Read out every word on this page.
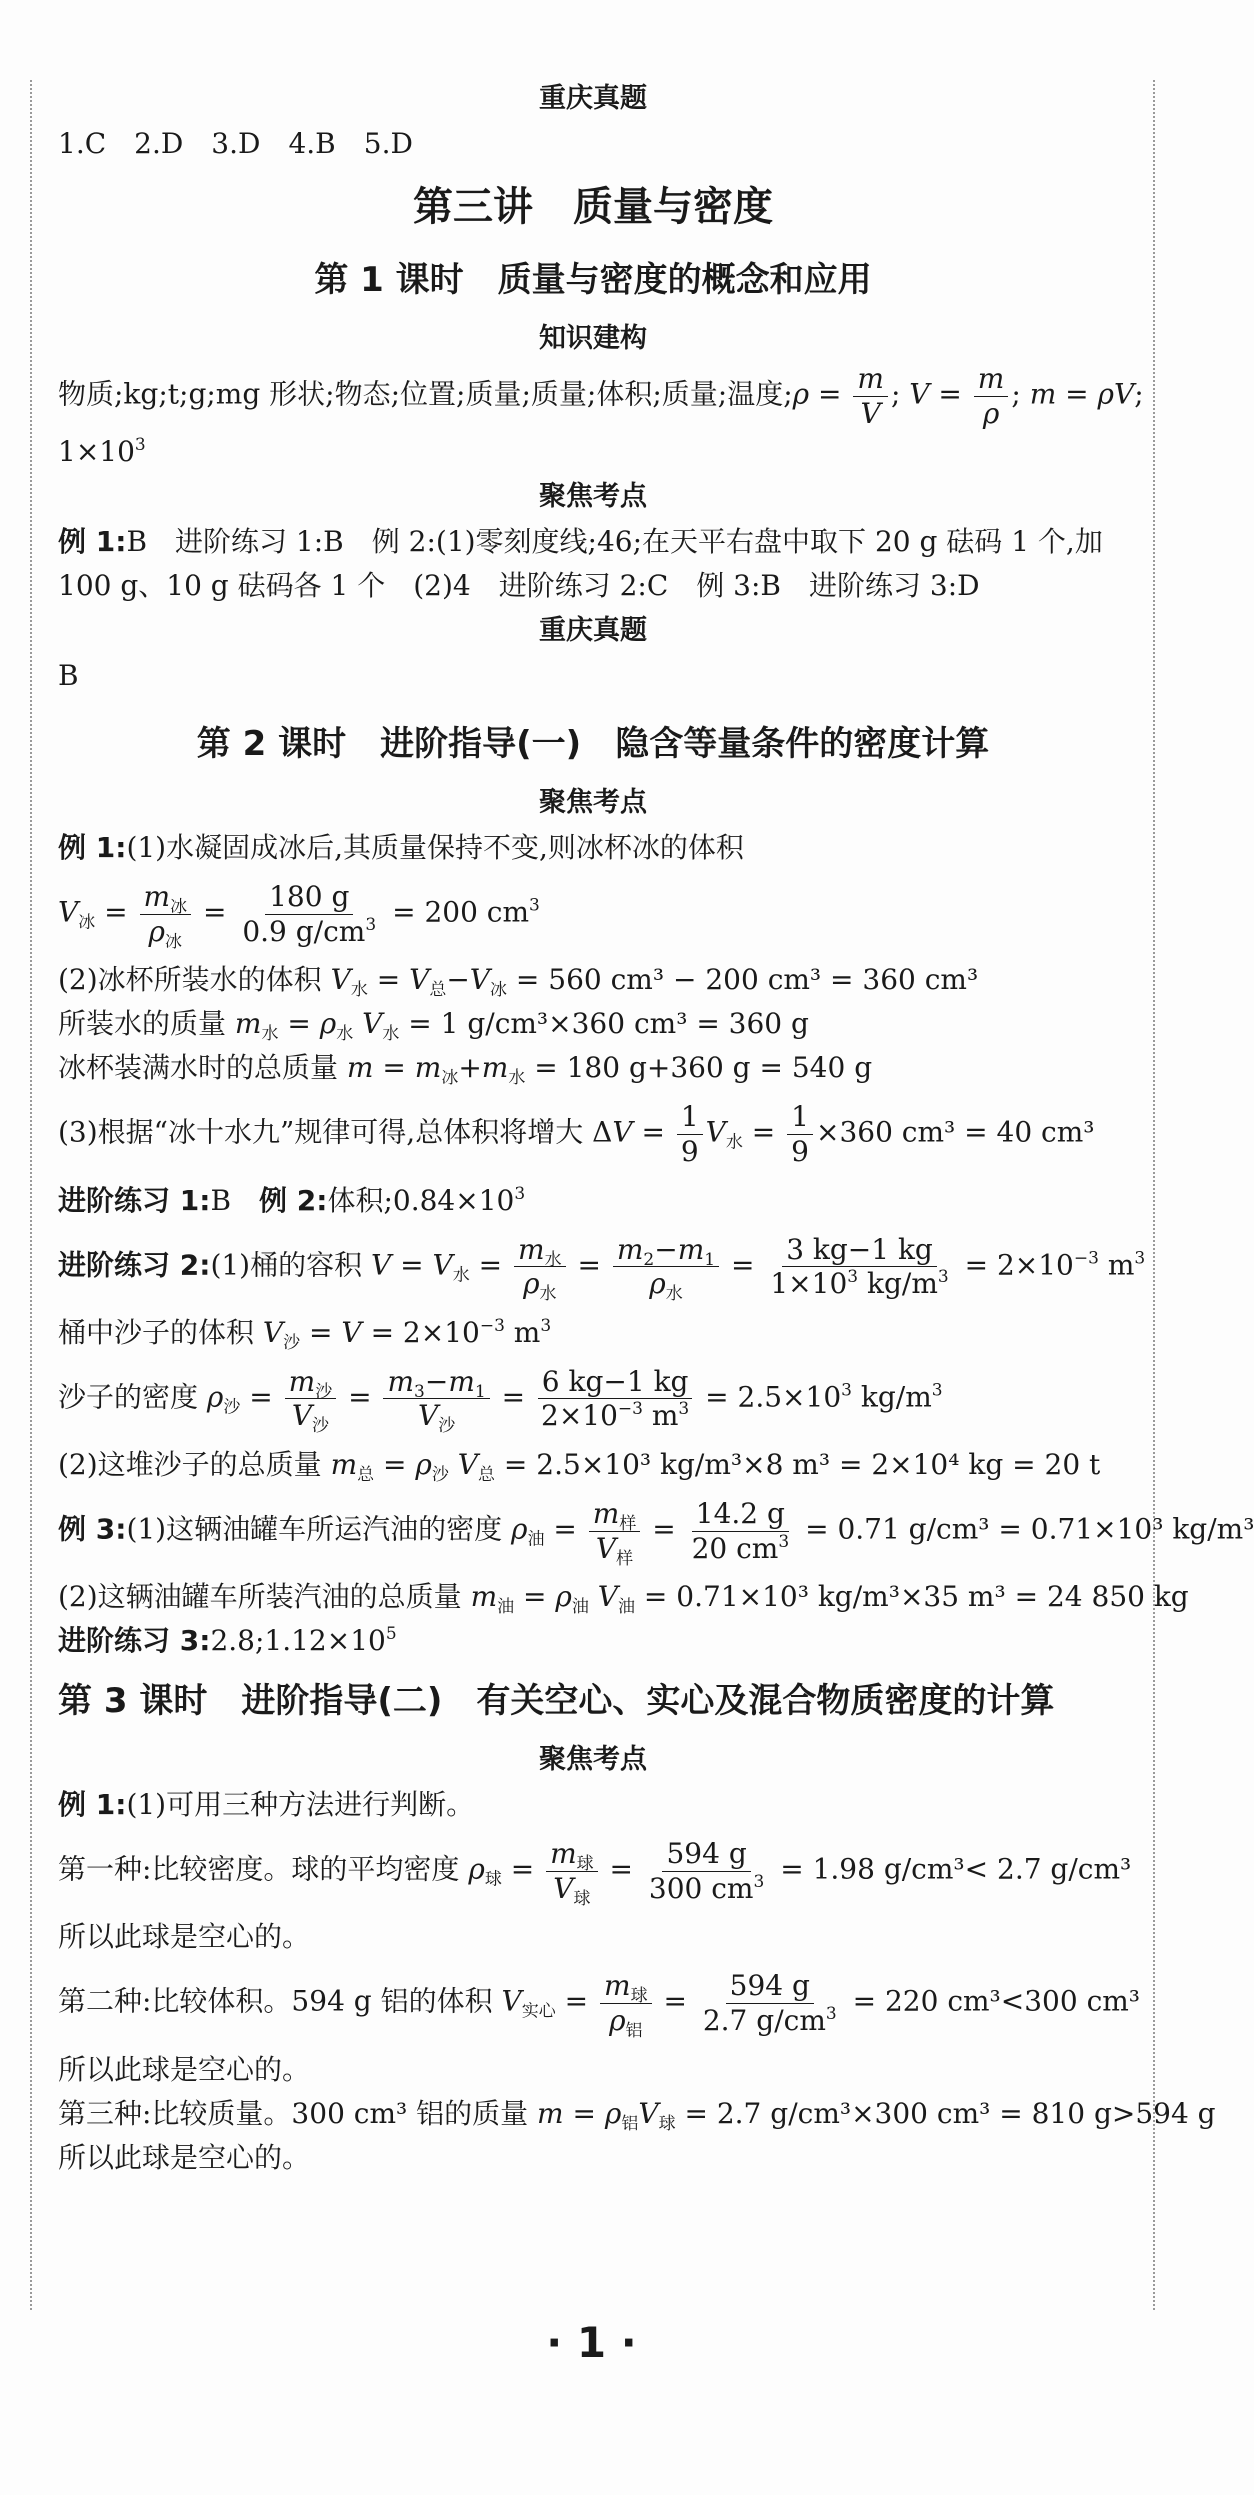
重庆真题
1.C　2.D　3.D　4.B　5.D
第三讲　质量与密度
第 1 课时　质量与密度的概念和应用
知识建构
物质;kg;t;g;mg 形状;物态;位置;质量;质量;体积;质量;温度;ρ = $\frac{m}{V}$ ; $V = \frac{m}{\rho}$ ; m = ρV;
$1\times 10^3$
聚焦考点
例 1:B　进阶练习 1:B　例 2:(1)零刻度线;46;在天平右盘中取下 20 g 砝码 1 个,加
100 g、10 g 砝码各 1 个　(2)4　进阶练习 2:C　例 3:B　进阶练习 3:D
重庆真题
B
第 2 课时　进阶指导(一)　隐含等量条件的密度计算
聚焦考点
例 1:(1)水凝固成冰后,其质量保持不变,则冰杯冰的体积
$V_冰 = \frac{m_冰}{\rho_冰} = \frac{180 g}{0.9 g/cm^3} = 200$ $cm^3$
(2)冰杯所装水的体积 $V_水 = V_总-V_冰 = 560$ cm³ − 200 cm³ = 360 cm³
所装水的质量 $m_水 = \rho_水$ $V_水 = 1$ g/cm³×360 cm³ = 360 g
冰杯装满水时的总质量 $m = m_冰+m_水 = 180$ g+360 g = 540 g
(3)根据“冰十水九”规律可得,总体积将增大 $\Delta V = \frac{1}{9} V_水 = \frac{1}{9} \times 360$ cm³ = 40 cm³
进阶练习 1:B　 例 2:体积$;0.84\times 10^3$
进阶练习 2:(1)桶的容积 $V = V_水 = \frac{m_水}{\rho_水} = \frac{m_2-m_1}{\rho_水} = \frac{3 kg-1 kg}{1\times 10^3 kg/m^3} = 2\times 10^{-3}$ $m^3$
桶中沙子的体积 $V_沙 = V = 2\times 10^{-3}$ $m^3$
沙子的密度 $\rho_沙 = \frac{m_沙}{V_沙} = \frac{m_3-m_1}{V_沙} = \frac{6 kg-1 kg}{2\times 10^{-3} m^3} = 2.5\times 10^3$ $kg/m^3$
(2)这堆沙子的总质量 $m_总 = \rho_沙$ $V_总 = 2.5\times 10^3$ kg/m³×8 m³ = 2×10⁴ kg = 20 t
例 3:(1)这辆油罐车所运汽油的密度 $\rho_油 = \frac{m_样}{V_样} = \frac{14.2 g}{20 cm^3} = 0.71$ g/cm³ = 0.71×10³ kg/m³
(2)这辆油罐车所装汽油的总质量 $m_油 = \rho_油$ $V_油 = 0.71\times 10^3$ kg/m³×35 m³ = 24 850 kg
进阶练习 $3:2.8;1.12\times 10^5$
第 3 课时　进阶指导(二)　有关空心、实心及混合物质密度的计算
聚焦考点
例 1:(1)可用三种方法进行判断。
第一种:比较密度。球的平均密度 $\rho_球 = \frac{m_球}{V_球} = \frac{594 g}{300 cm^3} = 1.98$ g/cm³< 2.7 g/cm³
所以此球是空心的。
第二种:比较体积。594 g 铝的体积 $V_{实心} = \frac{m_球}{\rho_铝} = \frac{594 g}{2.7 g/cm^3} = 220$ cm³<300 cm³
所以此球是空心的。
第三种:比较质量。300 cm³ 铝的质量 $m = \rho_铝V_球 = 2.7$ g/cm³×300 cm³ = 810 g>594 g
所以此球是空心的。
· 1 ·
